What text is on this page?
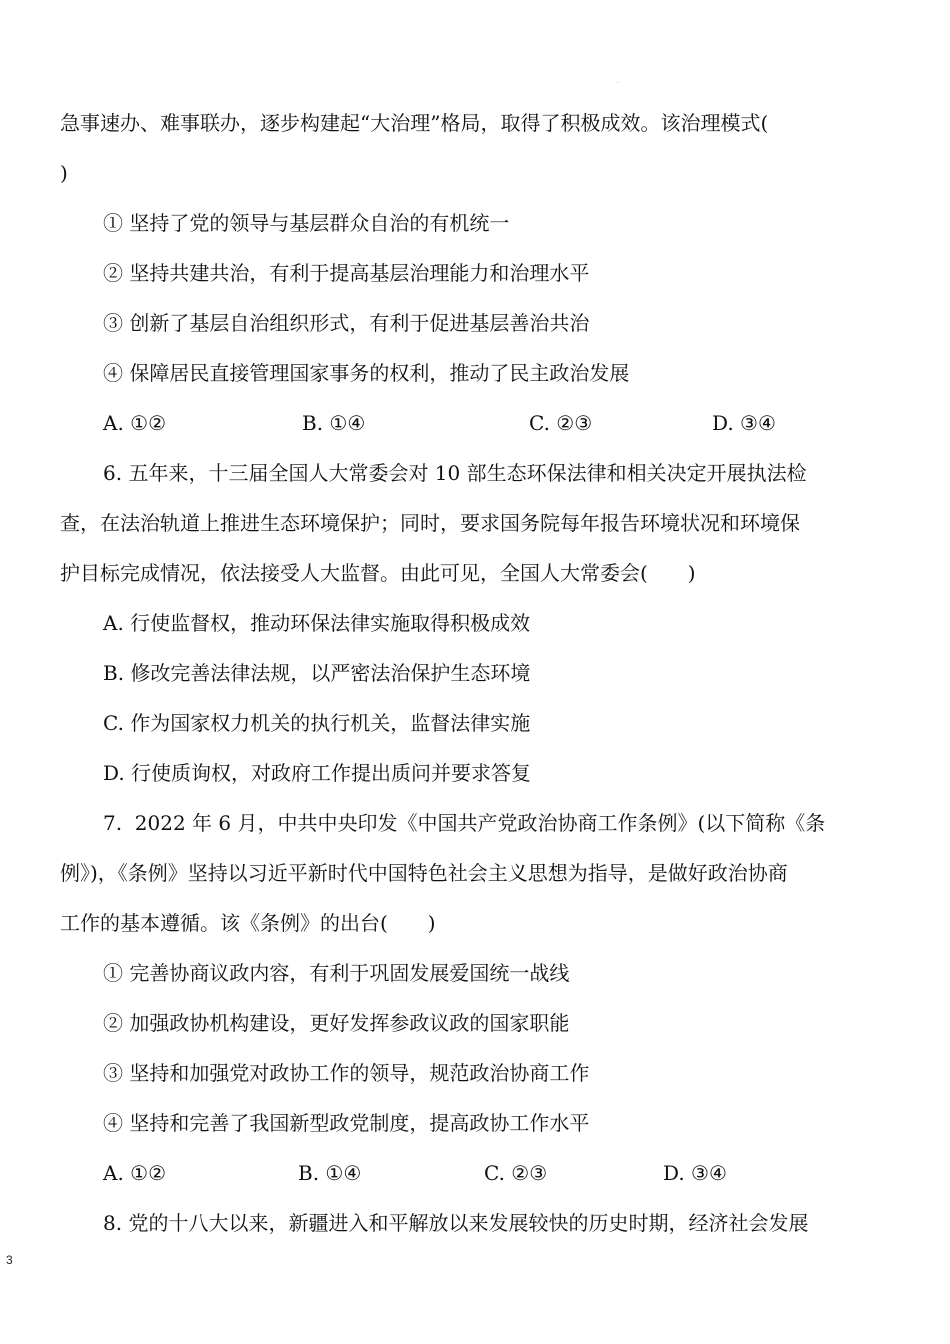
.
急事速办、难事联办，逐步构建起“大治理”格局，取得了积极成效。该治理模式(
)
① 坚持了党的领导与基层群众自治的有机统一
② 坚持共建共治，有利于提高基层治理能力和治理水平
③ 创新了基层自治组织形式，有利于促进基层善治共治
④ 保障居民直接管理国家事务的权利，推动了民主政治发展
A. ①②	B. ①④	C. ②③	D. ③④
6. 五年来，十三届全国人大常委会对 10 部生态环保法律和相关决定开展执法检
查，在法治轨道上推进生态环境保护；同时，要求国务院每年报告环境状况和环境保
护目标完成情况，依法接受人大监督。由此可见，全国人大常委会(　　)
A. 行使监督权，推动环保法律实施取得积极成效
B. 修改完善法律法规，以严密法治保护生态环境
C. 作为国家权力机关的执行机关，监督法律实施
D. 行使质询权，对政府工作提出质问并要求答复
7.  2022 年 6 月，中共中央印发《中国共产党政治协商工作条例》(以下简称《条
例》)，《条例》坚持以习近平新时代中国特色社会主义思想为指导，是做好政治协商
工作的基本遵循。该《条例》的出台(　　)
① 完善协商议政内容，有利于巩固发展爱国统一战线
② 加强政协机构建设，更好发挥参政议政的国家职能
③ 坚持和加强党对政协工作的领导，规范政治协商工作
④ 坚持和完善了我国新型政党制度，提高政协工作水平
A. ①②	B. ①④	C. ②③	D. ③④
8. 党的十八大以来，新疆进入和平解放以来发展较快的历史时期，经济社会发展
3
